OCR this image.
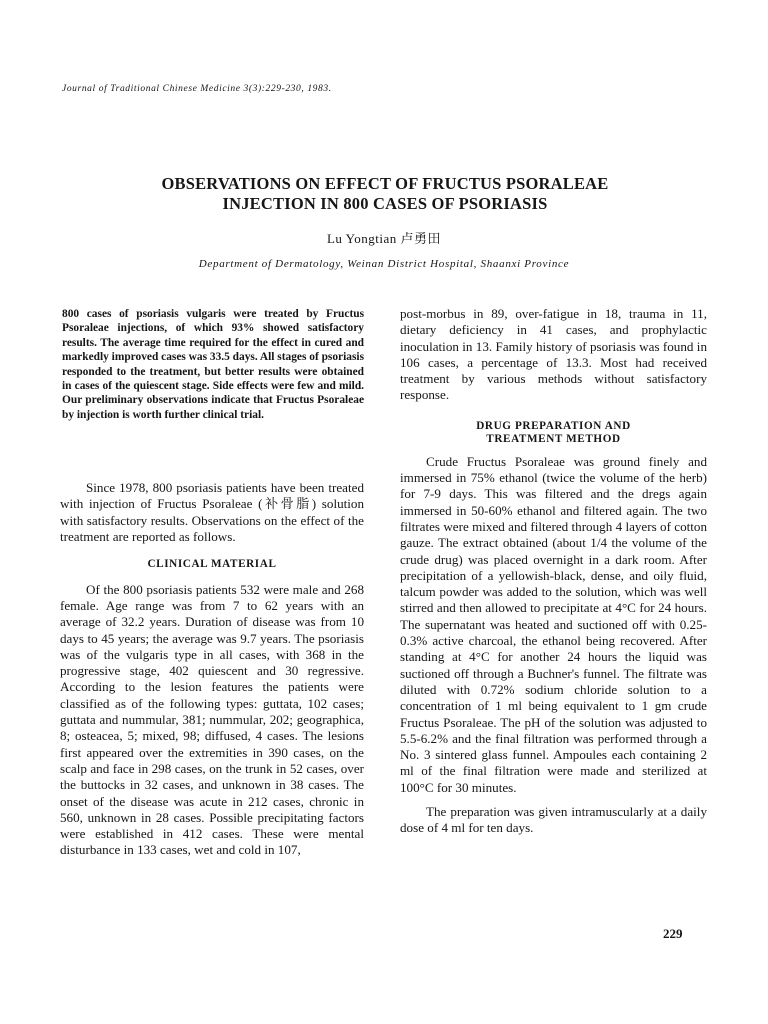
Journal of Traditional Chinese Medicine 3(3):229-230, 1983.
OBSERVATIONS ON EFFECT OF FRUCTUS PSORALEAE
INJECTION IN 800 CASES OF PSORIASIS
Lu Yongtian 卢勇田
Department of Dermatology, Weinan District Hospital, Shaanxi Province

800 cases of psoriasis vulgaris were treated by Fructus Psoraleae injections, of which 93% showed satisfactory results. The average time required for the effect in cured and markedly improved cases was 33.5 days. All stages of psoriasis responded to the treatment, but better results were obtained in cases of the quiescent stage. Side effects were few and mild. Our preliminary observations indicate that Fructus Psoraleae by injection is worth further clinical trial.

Since 1978, 800 psoriasis patients have been treated with injection of Fructus Psoraleae (补骨脂) solution with satisfactory results. Observations on the effect of the treatment are reported as follows.

CLINICAL MATERIAL

Of the 800 psoriasis patients 532 were male and 268 female. Age range was from 7 to 62 years with an average of 32.2 years. Duration of disease was from 10 days to 45 years; the average was 9.7 years. The psoriasis was of the vulgaris type in all cases, with 368 in the progressive stage, 402 quiescent and 30 regressive. According to the lesion features the patients were classified as of the following types: guttata, 102 cases; guttata and nummular, 381; nummular, 202; geographica, 8; osteacea, 5; mixed, 98; diffused, 4 cases. The lesions first appeared over the extremities in 390 cases, on the scalp and face in 298 cases, on the trunk in 52 cases, over the buttocks in 32 cases, and unknown in 38 cases. The onset of the disease was acute in 212 cases, chronic in 560, unknown in 28 cases. Possible precipitating factors were established in 412 cases. These were mental disturbance in 133 cases, wet and cold in 107,

post-morbus in 89, over-fatigue in 18, trauma in 11, dietary deficiency in 41 cases, and prophylactic inoculation in 13. Family history of psoriasis was found in 106 cases, a percentage of 13.3. Most had received treatment by various methods without satisfactory response.

DRUG PREPARATION AND
TREATMENT METHOD

Crude Fructus Psoraleae was ground finely and immersed in 75% ethanol (twice the volume of the herb) for 7-9 days. This was filtered and the dregs again immersed in 50-60% ethanol and filtered again. The two filtrates were mixed and filtered through 4 layers of cotton gauze. The extract obtained (about 1/4 the volume of the crude drug) was placed overnight in a dark room. After precipitation of a yellowish-black, dense, and oily fluid, talcum powder was added to the solution, which was well stirred and then allowed to precipitate at 4°C for 24 hours. The supernatant was heated and suctioned off with 0.25-0.3% active charcoal, the ethanol being recovered. After standing at 4°C for another 24 hours the liquid was suctioned off through a Buchner's funnel. The filtrate was diluted with 0.72% sodium chloride solution to a concentration of 1 ml being equivalent to 1 gm crude Fructus Psoraleae. The pH of the solution was adjusted to 5.5-6.2% and the final filtration was performed through a No. 3 sintered glass funnel. Ampoules each containing 2 ml of the final filtration were made and sterilized at 100°C for 30 minutes.

The preparation was given intramuscularly at a daily dose of 4 ml for ten days.

229
